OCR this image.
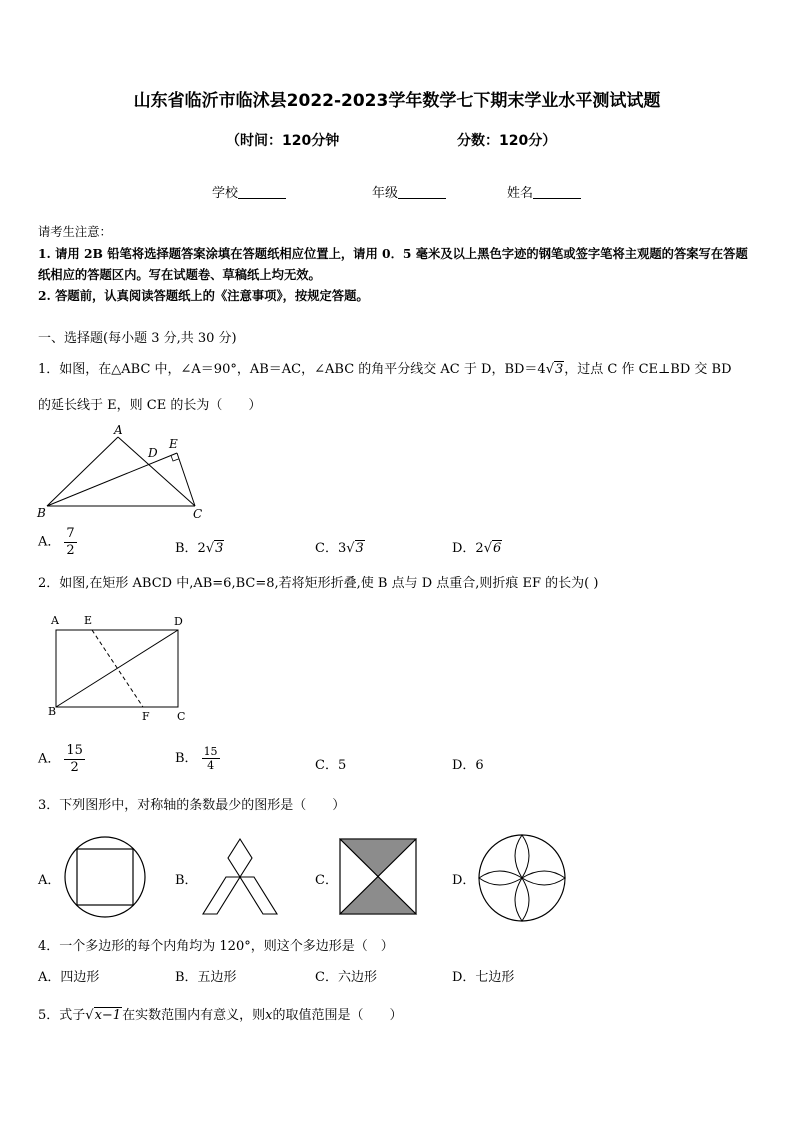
山东省临沂市临沭县2022-2023学年数学七下期末学业水平测试试题
（时间：120分钟	分数：120分）
学校	年级	姓名

请考生注意：

1. 请用 2B 铅笔将选择题答案涂填在答题纸相应位置上，请用 0．5 毫米及以上黑色字迹的钢笔或签字笔将主观题的答案写在答题纸相应的答题区内。写在试题卷、草稿纸上均无效。

2. 答题前，认真阅读答题纸上的《注意事项》，按规定答题。

一、选择题(每小题 3 分,共 30 分)
1．如图，在△ABC 中，∠A＝90°，AB＝AC，∠ABC 的角平分线交 AC 于 D，BD＝4√3，过点 C 作 CE⊥BD 交 BD
的延长线于 E，则 CE 的长为（　　）
A
D
E
B	C
A． $\frac{7}{2}$	B．2√3	C．3√3	D．2√6
2．如图,在矩形 ABCD 中,AB=6,BC=8,若将矩形折叠,使 B 点与 D 点重合,则折痕 EF 的长为( )
A E	D
B	F C
A． $\frac{15}{2}$	B． $\frac{15}{4}$	C．5	D．6
3．下列图形中，对称轴的条数最少的图形是（　　）
A．	B．	C．	D．
4．一个多边形的每个内角均为 120°，则这个多边形是（　）
A．四边形	B．五边形	C．六边形	D．七边形
5．式子√x−1在实数范围内有意义，则x的取值范围是（　　）
